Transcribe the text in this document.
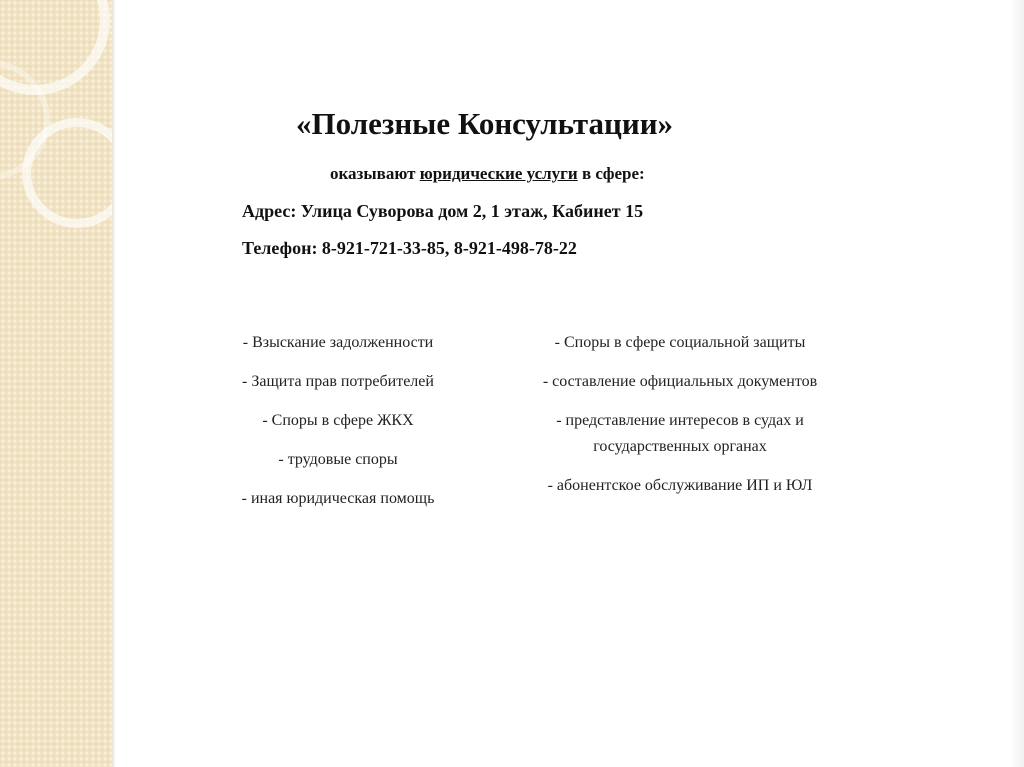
«Полезные Консультации»
оказывают юридические услуги в сфере:
Адрес: Улица Суворова дом 2, 1 этаж, Кабинет 15
Телефон: 8-921-721-33-85, 8-921-498-78-22
- Взыскание задолженности
- Защита прав потребителей
- Споры в сфере ЖКХ
- трудовые споры
- иная юридическая помощь
- Споры в сфере социальной защиты
- составление официальных документов
- представление интересов в судах и государственных органах
- абонентское обслуживание ИП и ЮЛ
